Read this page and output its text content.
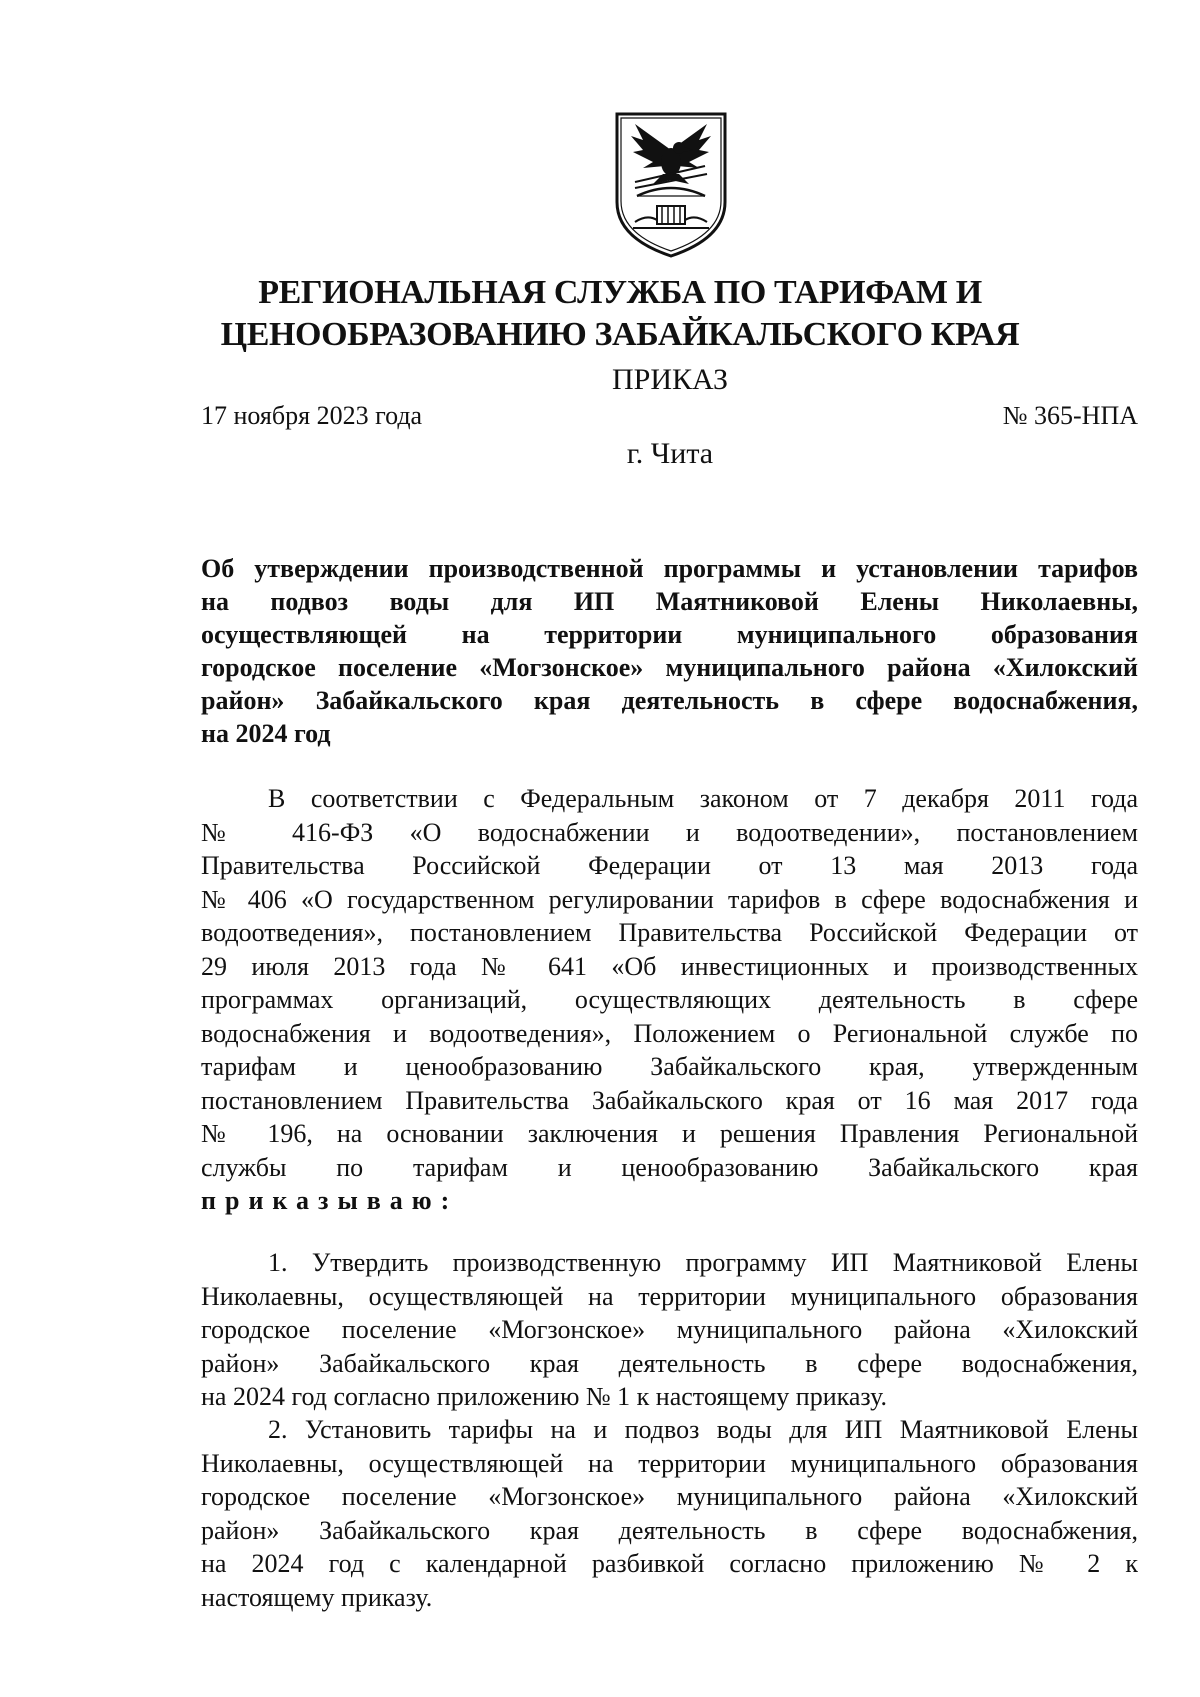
РЕГИОНАЛЬНАЯ СЛУЖБА ПО ТАРИФАМ И
ЦЕНООБРАЗОВАНИЮ ЗАБАЙКАЛЬСКОГО КРАЯ
ПРИКАЗ
17 ноября 2023 года	№ 365-НПА
г. Чита
Об утверждении производственной программы и установлении тарифов
на подвоз воды для ИП Маятниковой Елены Николаевны,
осуществляющей на территории муниципального образования
городское поселение «Могзонское» муниципального района «Хилокский
район» Забайкальского края деятельность в сфере водоснабжения,
на 2024 год
В соответствии с Федеральным законом от 7 декабря 2011 года
№ 416-ФЗ «О водоснабжении и водоотведении», постановлением
Правительства Российской Федерации от 13 мая 2013 года
№ 406 «О государственном регулировании тарифов в сфере водоснабжения и
водоотведения», постановлением Правительства Российской Федерации от
29 июля 2013 года № 641 «Об инвестиционных и производственных
программах организаций, осуществляющих деятельность в сфере
водоснабжения и водоотведения», Положением о Региональной службе по
тарифам и ценообразованию Забайкальского края, утвержденным
постановлением Правительства Забайкальского края от 16 мая 2017 года
№ 196, на основании заключения и решения Правления Региональной
службы по тарифам и ценообразованию Забайкальского края
приказываю:
1. Утвердить производственную программу ИП Маятниковой Елены
Николаевны, осуществляющей на территории муниципального образования
городское поселение «Могзонское» муниципального района «Хилокский
район» Забайкальского края деятельность в сфере водоснабжения,
на 2024 год согласно приложению № 1 к настоящему приказу.
2. Установить тарифы на и подвоз воды для ИП Маятниковой Елены
Николаевны, осуществляющей на территории муниципального образования
городское поселение «Могзонское» муниципального района «Хилокский
район» Забайкальского края деятельность в сфере водоснабжения,
на 2024 год с календарной разбивкой согласно приложению № 2 к
настоящему приказу.
